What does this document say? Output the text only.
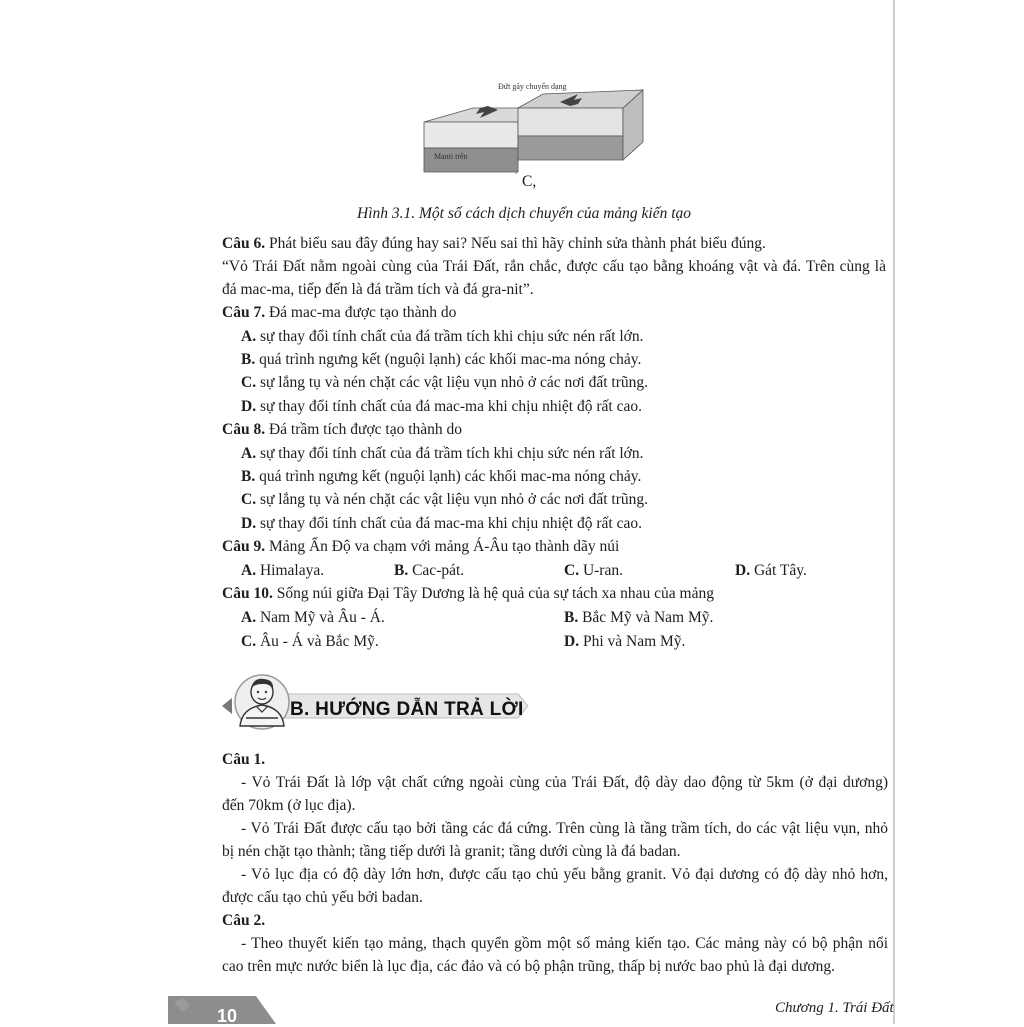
Đứt gãy chuyển dạng
Manti trên
C,
Hình 3.1. Một số cách dịch chuyển của mảng kiến tạo
Câu 6. Phát biểu sau đây đúng hay sai? Nếu sai thì hãy chỉnh sửa thành phát biểu đúng.
“Vỏ Trái Đất nằm ngoài cùng của Trái Đất, rắn chắc, được cấu tạo bằng khoáng vật và đá. Trên cùng là
đá mac-ma, tiếp đến là đá trầm tích và đá gra-nit”.
Câu 7. Đá mac-ma được tạo thành do
A. sự thay đổi tính chất của đá trầm tích khi chịu sức nén rất lớn.
B. quá trình ngưng kết (nguội lạnh) các khối mac-ma nóng chảy.
C. sự lắng tụ và nén chặt các vật liệu vụn nhỏ ở các nơi đất trũng.
D. sự thay đổi tính chất của đá mac-ma khi chịu nhiệt độ rất cao.
Câu 8. Đá trầm tích được tạo thành do
A. sự thay đổi tính chất của đá trầm tích khi chịu sức nén rất lớn.
B. quá trình ngưng kết (nguội lạnh) các khối mac-ma nóng chảy.
C. sự lắng tụ và nén chặt các vật liệu vụn nhỏ ở các nơi đất trũng.
D. sự thay đổi tính chất của đá mac-ma khi chịu nhiệt độ rất cao.
Câu 9. Mảng Ấn Độ va chạm với mảng Á-Âu tạo thành dãy núi
A. Himalaya.	B. Cac-pát.	C. U-ran.	D. Gát Tây.
Câu 10. Sống núi giữa Đại Tây Dương là hệ quả của sự tách xa nhau của mảng
A. Nam Mỹ và Âu - Á.	B. Bắc Mỹ và Nam Mỹ.
C. Âu - Á và Bắc Mỹ.	D. Phi và Nam Mỹ.
B. HƯỚNG DẪN TRẢ LỜI
Câu 1.
- Vỏ Trái Đất là lớp vật chất cứng ngoài cùng của Trái Đất, độ dày dao động từ 5km (ở đại dương)
đến 70km (ở lục địa).
- Vỏ Trái Đất được cấu tạo bởi tầng các đá cứng. Trên cùng là tầng trầm tích, do các vật liệu vụn, nhỏ
bị nén chặt tạo thành; tầng tiếp dưới là granit; tầng dưới cùng là đá badan.
- Vỏ lục địa có độ dày lớn hơn, được cấu tạo chủ yếu bằng granit. Vỏ đại dương có độ dày nhỏ hơn,
được cấu tạo chủ yếu bởi badan.
Câu 2.
- Theo thuyết kiến tạo mảng, thạch quyển gồm một số mảng kiến tạo. Các mảng này có bộ phận nổi
cao trên mực nước biển là lục địa, các đảo và có bộ phận trũng, thấp bị nước bao phủ là đại dương.
10	Chương 1. Trái Đất
